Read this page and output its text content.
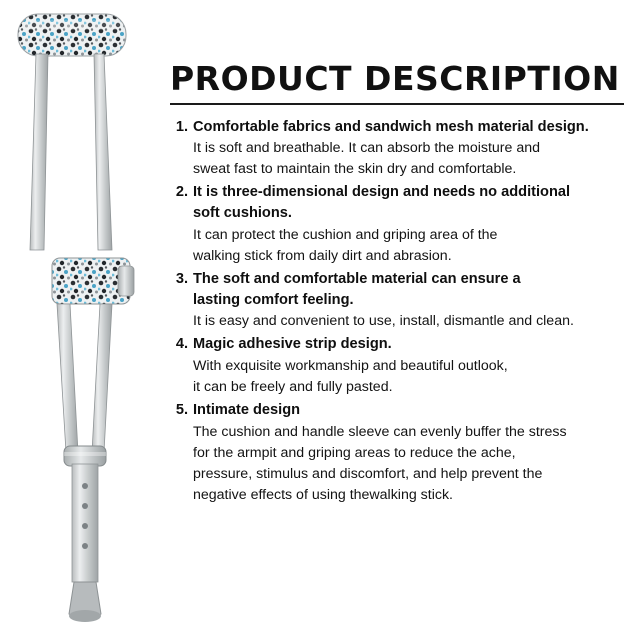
PRODUCT DESCRIPTION
1. Comfortable fabrics and sandwich mesh material design.
It is soft and breathable. It can absorb the moisture and
sweat fast to maintain the skin dry and comfortable.
2. It is three-dimensional design and needs no additional
soft cushions.
It can protect the cushion and griping area of the
walking stick from daily dirt and abrasion.
3. The soft and comfortable material can ensure a
lasting comfort feeling.
It is easy and convenient to use, install, dismantle and clean.
4. Magic adhesive strip design.
With exquisite workmanship and beautiful outlook,
it can be freely and fully pasted.
5. Intimate design
The cushion and handle sleeve can evenly buffer the stress
for the armpit and griping areas to reduce the ache,
pressure, stimulus and discomfort, and help prevent the
negative effects of using thewalking stick.
